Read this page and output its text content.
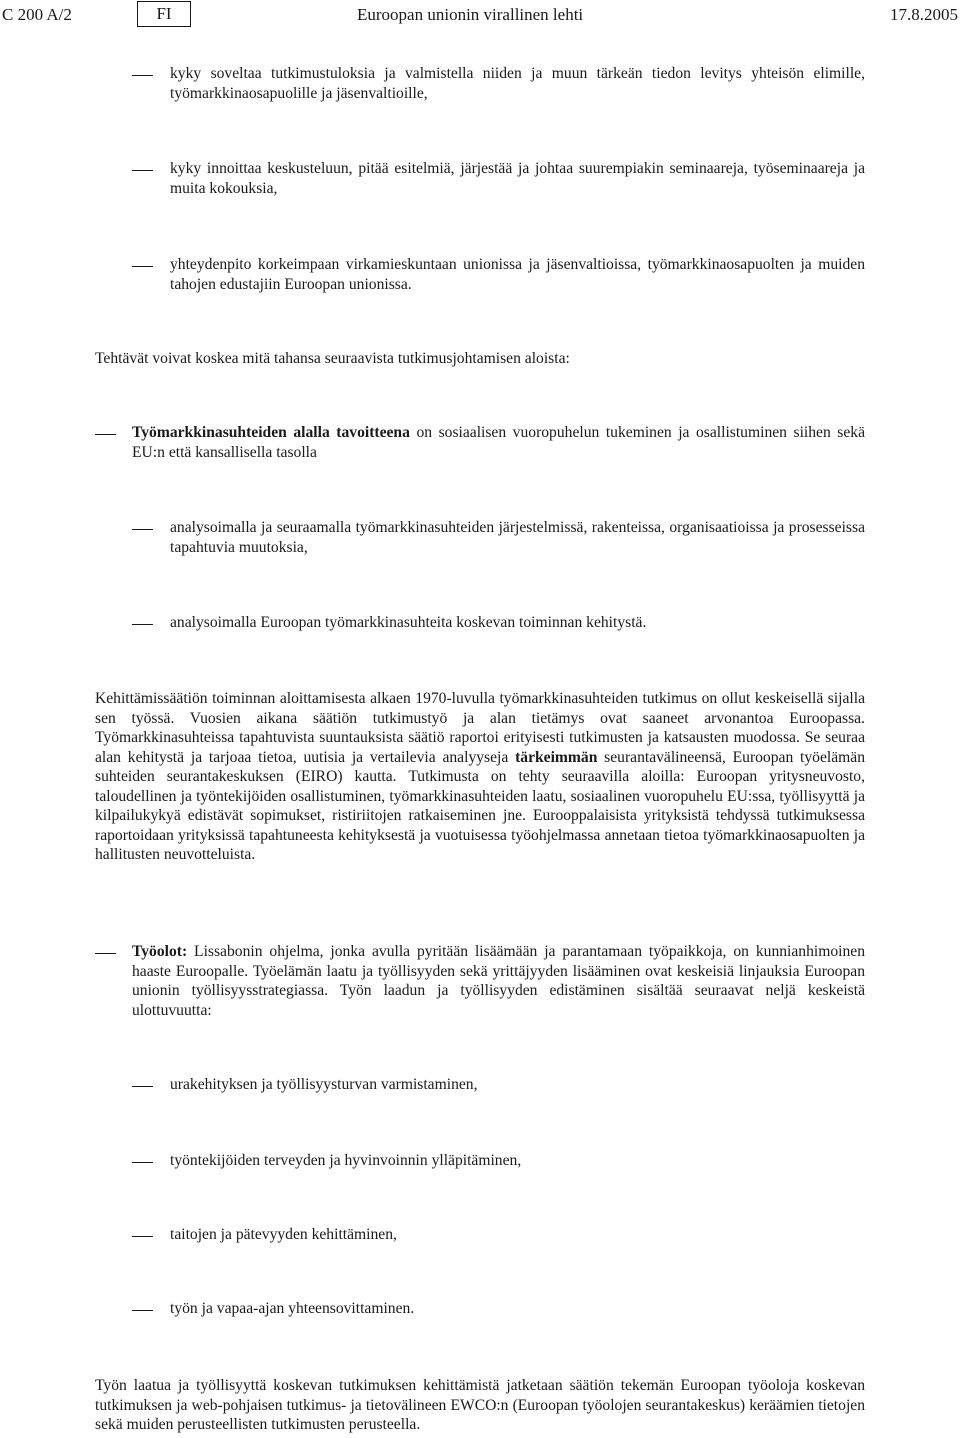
C 200 A/2	FI	Euroopan unionin virallinen lehti	17.8.2005
kyky soveltaa tutkimustuloksia ja valmistella niiden ja muun tärkeän tiedon levitys yhteisön elimille, työmarkkinaosapuolille ja jäsenvaltioille,
kyky innoittaa keskusteluun, pitää esitelmiä, järjestää ja johtaa suurempiakin seminaareja, työseminaareja ja muita kokouksia,
yhteydenpito korkeimpaan virkamieskuntaan unionissa ja jäsenvaltioissa, työmarkkinaosapuolten ja muiden tahojen edustajiin Euroopan unionissa.
Tehtävät voivat koskea mitä tahansa seuraavista tutkimusjohtamisen aloista:
Työmarkkinasuhteiden alalla tavoitteena on sosiaalisen vuoropuhelun tukeminen ja osallistuminen siihen sekä EU:n että kansallisella tasolla
analysoimalla ja seuraamalla työmarkkinasuhteiden järjestelmissä, rakenteissa, organisaatioissa ja prosesseissa tapahtuvia muutoksia,
analysoimalla Euroopan työmarkkinasuhteita koskevan toiminnan kehitystä.
Kehittämissäätiön toiminnan aloittamisesta alkaen 1970-luvulla työmarkkinasuhteiden tutkimus on ollut keskeisellä sijalla sen työssä. Vuosien aikana säätiön tutkimustyö ja alan tietämys ovat saaneet arvonantoa Euroopassa. Työmarkkinasuhteissa tapahtuvista suuntauksista säätiö raportoi erityisesti tutkimusten ja katsausten muodossa. Se seuraa alan kehitystä ja tarjoaa tietoa, uutisia ja vertailevia analyyseja tärkeimmän seurantavälineensä, Euroopan työelämän suhteiden seurantakeskuksen (EIRO) kautta. Tutkimusta on tehty seuraavilla aloilla: Euroopan yritysneuvosto, taloudellinen ja työntekijöiden osallistuminen, työmarkkinasuhteiden laatu, sosiaalinen vuoropuhelu EU:ssa, työllisyyttä ja kilpailukykyä edistävät sopimukset, ristiriitojen ratkaiseminen jne. Eurooppalaisista yrityksistä tehdyssä tutkimuksessa raportoidaan yrityksissä tapahtuneesta kehityksestä ja vuotuisessa työohjelmassa annetaan tietoa työmarkkinaosapuolten ja hallitusten neuvotteluista.
Työolot: Lissabonin ohjelma, jonka avulla pyritään lisäämään ja parantamaan työpaikkoja, on kunnianhimoinen haaste Euroopalle. Työelämän laatu ja työllisyyden sekä yrittäjyyden lisääminen ovat keskeisiä linjauksia Euroopan unionin työllisyysstrategiassa. Työn laadun ja työllisyyden edistäminen sisältää seuraavat neljä keskeistä ulottuvuutta:
urakehityksen ja työllisyysturvan varmistaminen,
työntekijöiden terveyden ja hyvinvoinnin ylläpitäminen,
taitojen ja pätevyyden kehittäminen,
työn ja vapaa-ajan yhteensovittaminen.
Työn laatua ja työllisyyttä koskevan tutkimuksen kehittämistä jatketaan säätiön tekemän Euroopan työoloja koskevan tutkimuksen ja web-pohjaisen tutkimus- ja tietovälineen EWCO:n (Euroopan työolojen seurantakeskus) keräämien tietojen sekä muiden perusteellisten tutkimusten perusteella.
